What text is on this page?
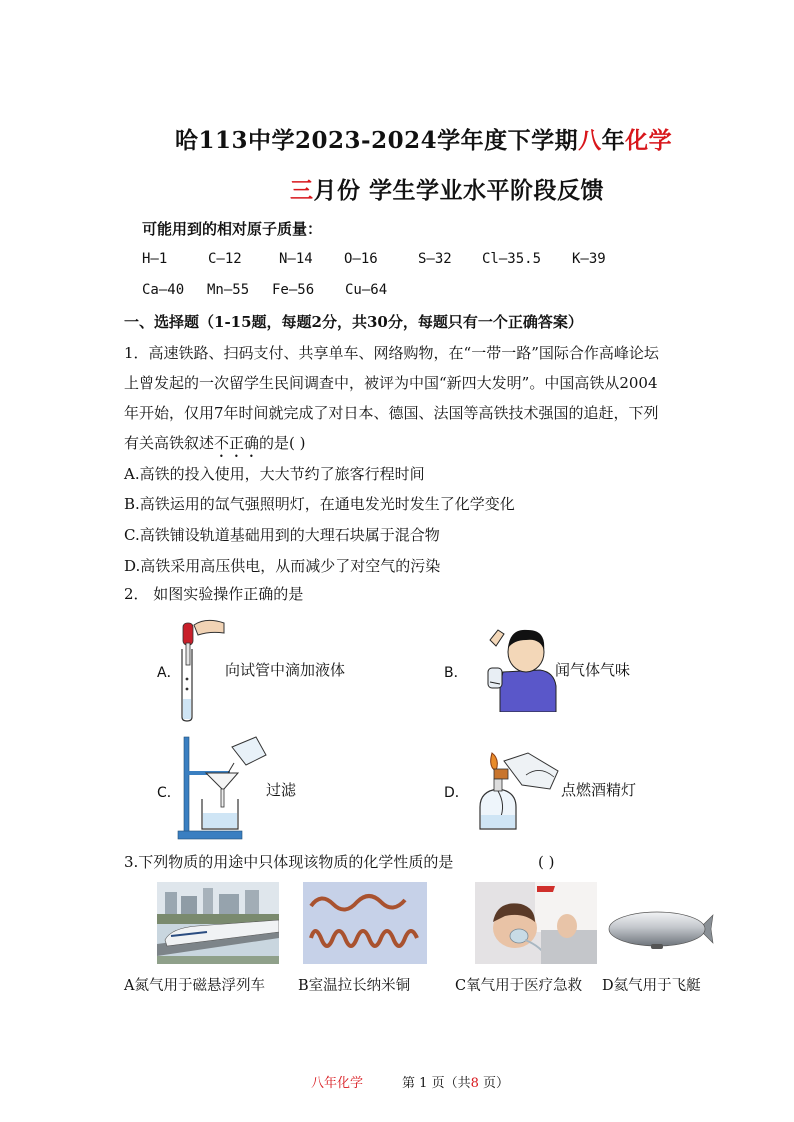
哈113中学2023-2024学年度下学期八年化学
三月份 学生学业水平阶段反馈
可能用到的相对原子质量：
H—1	C—12	N—14 O—16	S—32 Cl—35.5 K—39
Ca—40 Mn—55 Fe—56 Cu—64
一、选择题（1-15题，每题2分，共30分，每题只有一个正确答案）
1．高速铁路、扫码支付、共享单车、网络购物，在“一带一路”国际合作高峰论坛
上曾发起的一次留学生民间调查中，被评为中国“新四大发明”。中国高铁从2004
年开始，仅用7年时间就完成了对日本、德国、法国等高铁技术强国的追赶，下列
有关高铁叙述不正确的是( )
A.高铁的投入使用，大大节约了旅客行程时间
B.高铁运用的氙气强照明灯，在通电发光时发生了化学变化
C.高铁铺设轨道基础用到的大理石块属于混合物
D.高铁采用高压供电，从而减少了对空气的污染
2． 如图实验操作正确的是
A．	向试管中滴加液体	B．	闻气体气味
C．	过滤	D．	点燃酒精灯
3.下列物质的用途中只体现该物质的化学性质的是	( )
A氮气用于磁悬浮列车 B室温拉长纳米铜	C氧气用于医疗急救 D氦气用于飞艇
八年化学	第 1 页（共8 页）
